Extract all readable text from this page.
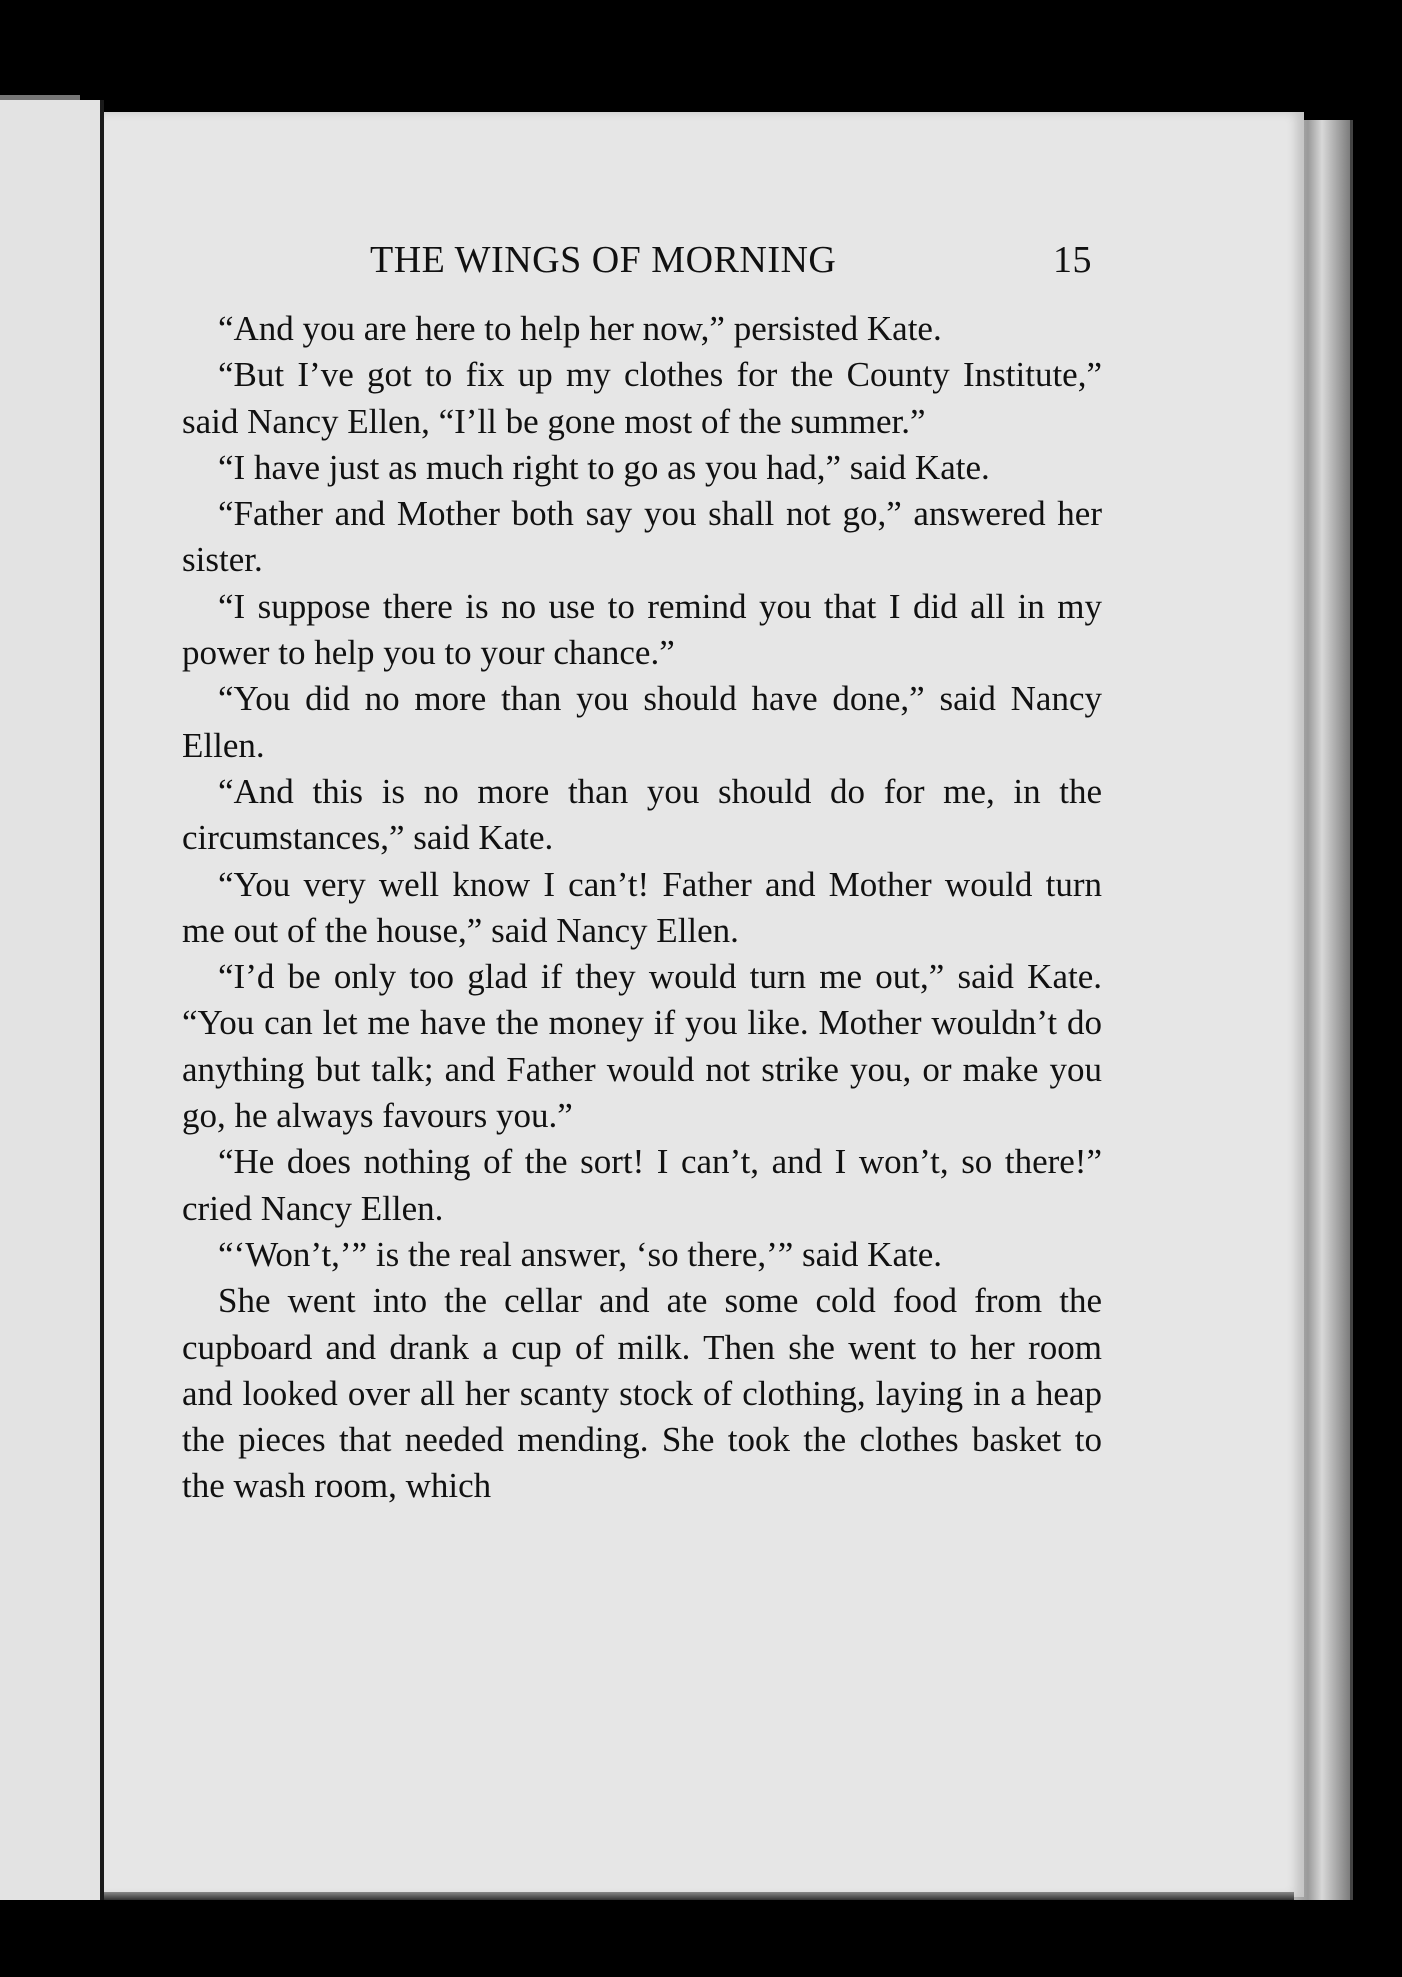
THE WINGS OF MORNING	15

“And you are here to help her now,” persisted Kate.

“But I’ve got to fix up my clothes for the County Institute,” said Nancy Ellen, “I’ll be gone most of the summer.”

“I have just as much right to go as you had,” said Kate.

“Father and Mother both say you shall not go,” answered her sister.

“I suppose there is no use to remind you that I did all in my power to help you to your chance.”

“You did no more than you should have done,” said Nancy Ellen.

“And this is no more than you should do for me, in the circumstances,” said Kate.

“You very well know I can’t! Father and Mother would turn me out of the house,” said Nancy Ellen.

“I’d be only too glad if they would turn me out,” said Kate. “You can let me have the money if you like. Mother wouldn’t do anything but talk; and Father would not strike you, or make you go, he always favours you.”

“He does nothing of the sort! I can’t, and I won’t, so there!” cried Nancy Ellen.

“‘Won’t,’” is the real answer, ‘so there,’” said Kate.

She went into the cellar and ate some cold food from the cupboard and drank a cup of milk. Then she went to her room and looked over all her scanty stock of clothing, laying in a heap the pieces that needed mending. She took the clothes basket to the wash room, which
